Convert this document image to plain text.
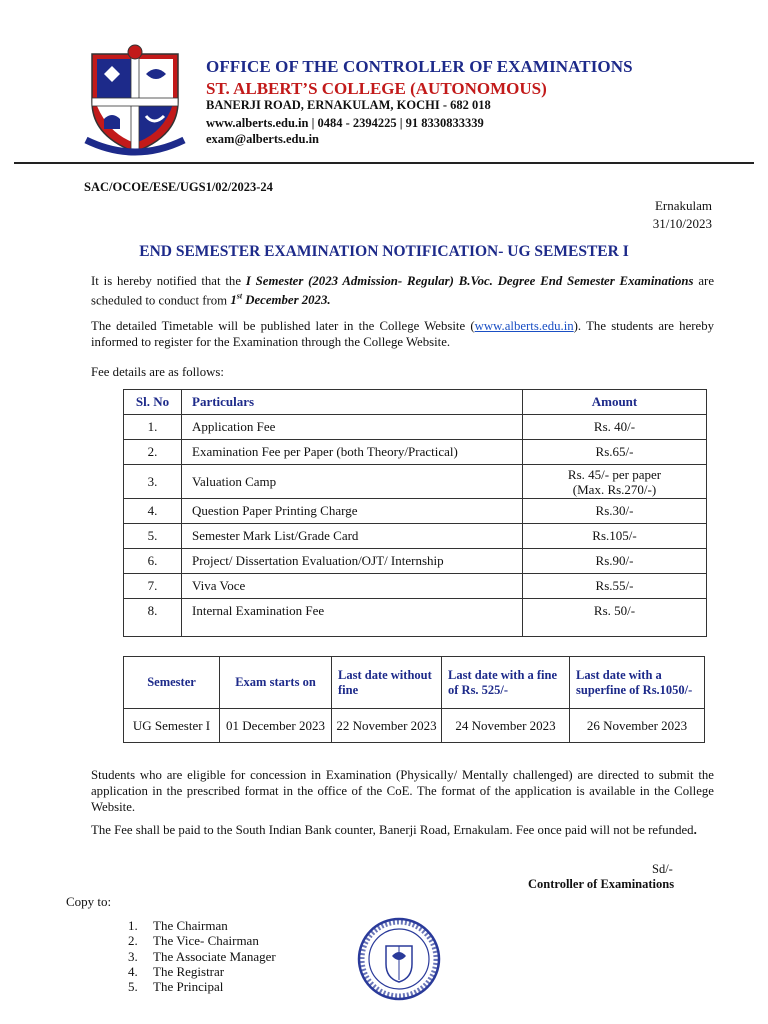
OFFICE OF THE CONTROLLER OF EXAMINATIONS
ST. ALBERT’S COLLEGE (AUTONOMOUS)
BANERJI ROAD, ERNAKULAM, KOCHI - 682 018
www.alberts.edu.in | 0484 - 2394225 | 91 8330833339
exam@alberts.edu.in
SAC/OCOE/ESE/UGS1/02/2023-24
Ernakulam
31/10/2023
END SEMESTER EXAMINATION NOTIFICATION- UG SEMESTER I
It is hereby notified that the I Semester (2023 Admission- Regular) B.Voc. Degree End Semester Examinations are scheduled to conduct from 1st December 2023.
The detailed Timetable will be published later in the College Website (www.alberts.edu.in). The students are hereby informed to register for the Examination through the College Website.
Fee details are as follows:
Sl. No	Particulars	Amount
1.	Application Fee	Rs. 40/-
2.	Examination Fee per Paper (both Theory/Practical)	Rs.65/-
3.	Valuation Camp	Rs. 45/- per paper
(Max. Rs.270/-)
4.	Question Paper Printing Charge	Rs.30/-
5.	Semester Mark List/Grade Card	Rs.105/-
6.	Project/ Dissertation Evaluation/OJT/ Internship	Rs.90/-
7.	Viva Voce	Rs.55/-
8.	Internal Examination Fee	Rs. 50/-
Semester	Exam starts on	Last date without fine	Last date with a fine of Rs. 525/-	Last date with a superfine of Rs.1050/-
UG Semester I	01 December 2023	22 November 2023	24 November 2023	26 November 2023
Students who are eligible for concession in Examination (Physically/ Mentally challenged) are directed to submit the application in the prescribed format in the office of the CoE. The format of the application is available in the College Website.
The Fee shall be paid to the South Indian Bank counter, Banerji Road, Ernakulam. Fee once paid will not be refunded.
Sd/-
Controller of Examinations
Copy to:
1. The Chairman
2. The Vice- Chairman
3. The Associate Manager
4. The Registrar
5. The Principal
